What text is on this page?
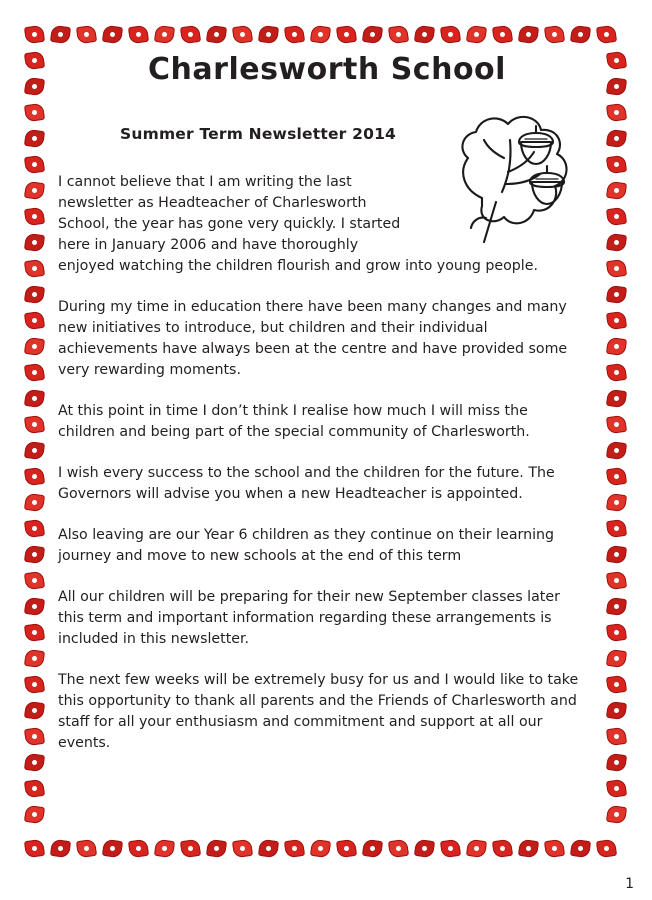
Charlesworth School
Summer Term Newsletter 2014

I cannot believe that I am writing the last newsletter as Headteacher of Charlesworth School, the year has gone very quickly. I started here in January 2006 and have thoroughly
enjoyed watching the children flourish and grow into young people.

During my time in education there have been many changes and many new initiatives to introduce, but children and their individual achievements have always been at the centre and have provided some very rewarding moments.

At this point in time I don’t think I realise how much I will miss the children and being part of the special community of Charlesworth.

I wish every success to the school and the children for the future. The Governors will advise you when a new Headteacher is appointed.

Also leaving are our Year 6 children as they continue on their learning journey and move to new schools at the end of this term

All our children will be preparing for their new September classes later this term and important information regarding these arrangements is included in this newsletter.

The next few weeks will be extremely busy for us and I would like to take this opportunity to thank all parents and the Friends of Charlesworth and staff for all your enthusiasm and commitment and support at all our events.

1
